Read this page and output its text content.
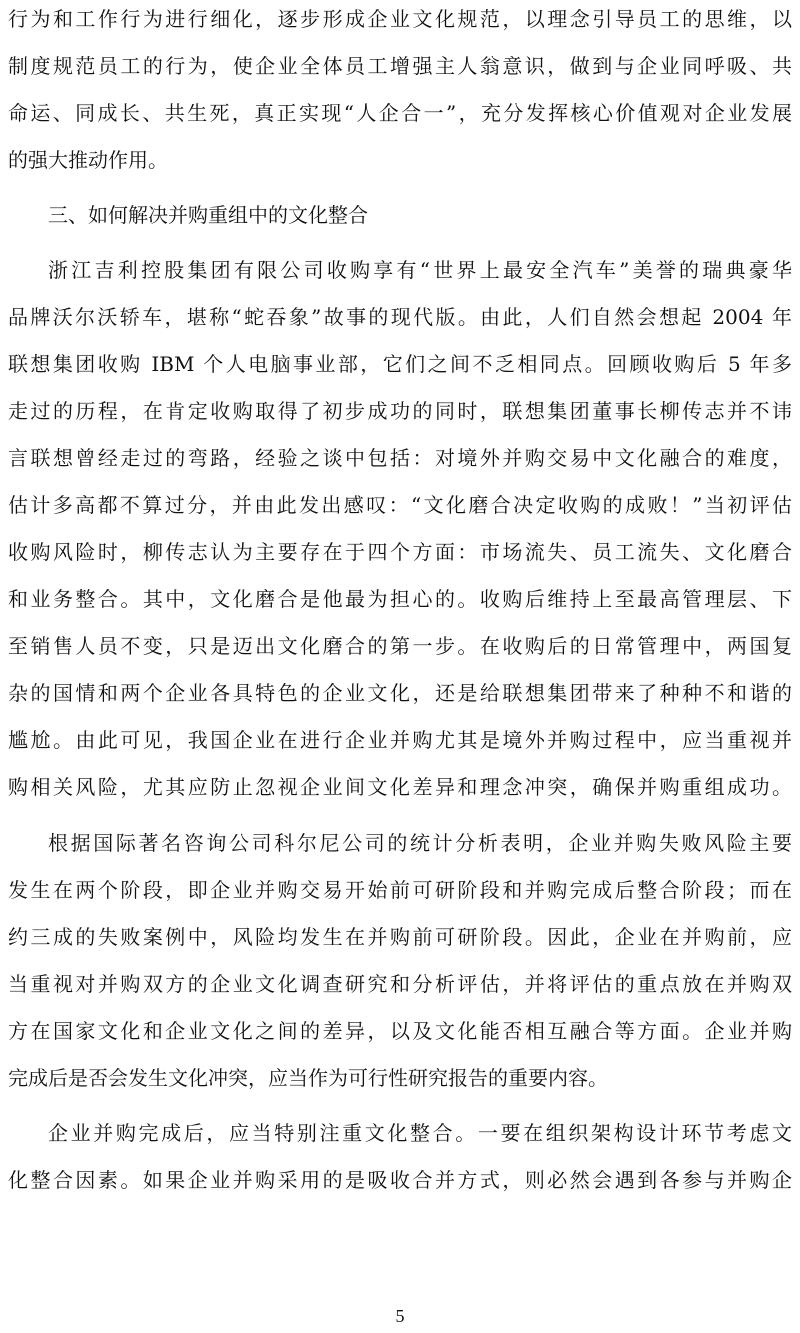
行为和工作行为进行细化，逐步形成企业文化规范，以理念引导员工的思维，以
制度规范员工的行为，使企业全体员工增强主人翁意识，做到与企业同呼吸、共
命运、同成长、共生死，真正实现“人企合一”，充分发挥核心价值观对企业发展
的强大推动作用。
三、如何解决并购重组中的文化整合
浙江吉利控股集团有限公司收购享有“世界上最安全汽车”美誉的瑞典豪华
品牌沃尔沃轿车，堪称“蛇吞象”故事的现代版。由此，人们自然会想起 2004 年
联想集团收购 IBM 个人电脑事业部，它们之间不乏相同点。回顾收购后 5 年多
走过的历程，在肯定收购取得了初步成功的同时，联想集团董事长柳传志并不讳
言联想曾经走过的弯路，经验之谈中包括：对境外并购交易中文化融合的难度，
估计多高都不算过分，并由此发出感叹：“文化磨合决定收购的成败！”当初评估
收购风险时，柳传志认为主要存在于四个方面：市场流失、员工流失、文化磨合
和业务整合。其中，文化磨合是他最为担心的。收购后维持上至最高管理层、下
至销售人员不变，只是迈出文化磨合的第一步。在收购后的日常管理中，两国复
杂的国情和两个企业各具特色的企业文化，还是给联想集团带来了种种不和谐的
尴尬。由此可见，我国企业在进行企业并购尤其是境外并购过程中，应当重视并
购相关风险，尤其应防止忽视企业间文化差异和理念冲突，确保并购重组成功。
根据国际著名咨询公司科尔尼公司的统计分析表明，企业并购失败风险主要
发生在两个阶段，即企业并购交易开始前可研阶段和并购完成后整合阶段；而在
约三成的失败案例中，风险均发生在并购前可研阶段。因此，企业在并购前，应
当重视对并购双方的企业文化调查研究和分析评估，并将评估的重点放在并购双
方在国家文化和企业文化之间的差异，以及文化能否相互融合等方面。企业并购
完成后是否会发生文化冲突，应当作为可行性研究报告的重要内容。
企业并购完成后，应当特别注重文化整合。一要在组织架构设计环节考虑文
化整合因素。如果企业并购采用的是吸收合并方式，则必然会遇到各参与并购企
5
